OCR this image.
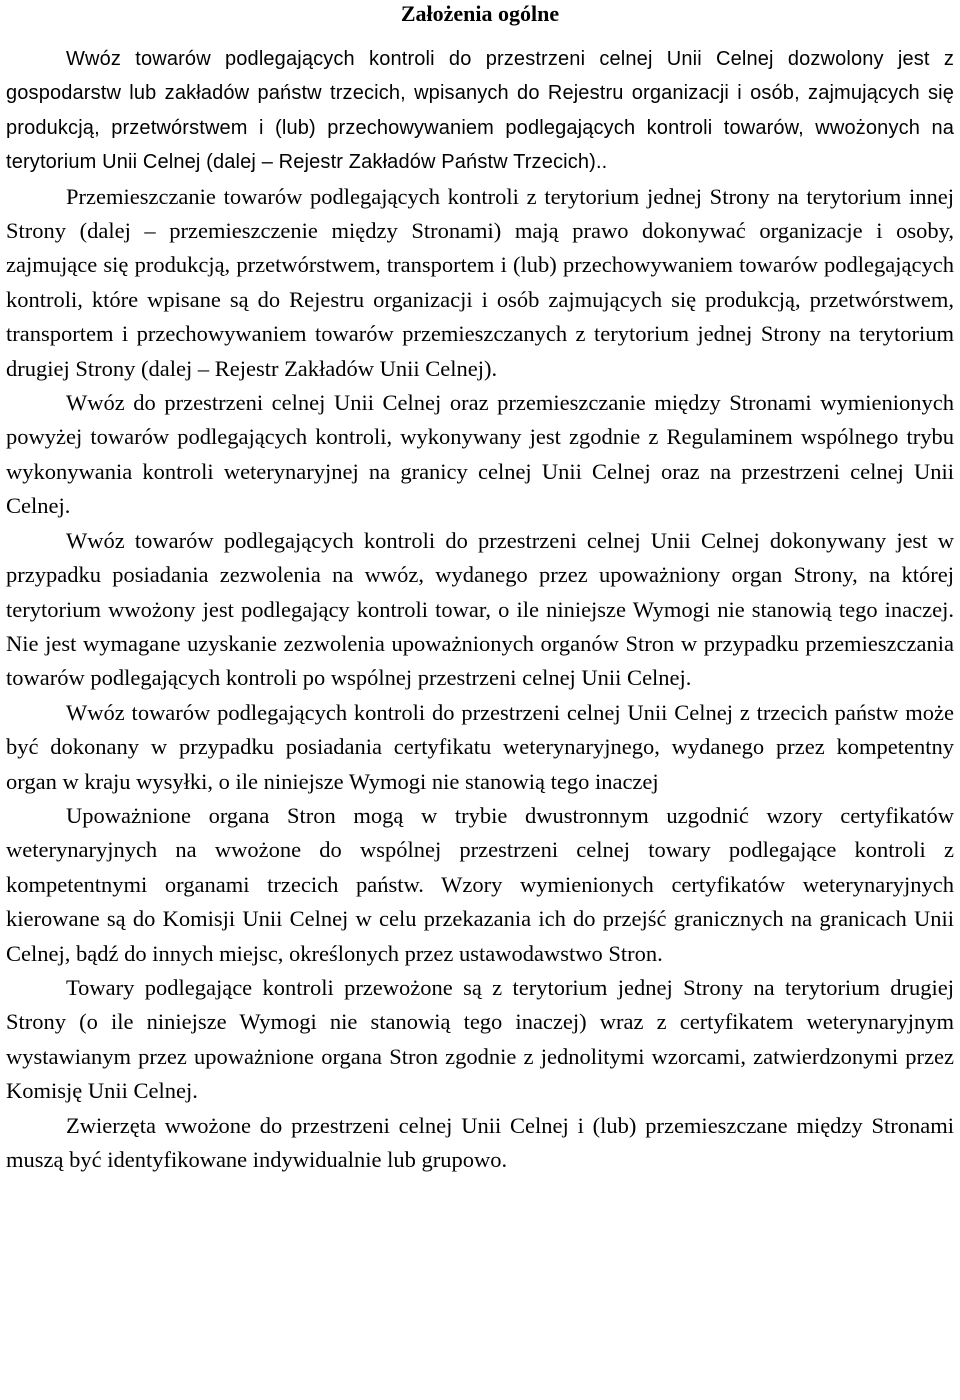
Założenia ogólne

Wwóz towarów podlegających kontroli do przestrzeni celnej Unii Celnej dozwolony jest z gospodarstw lub zakładów państw trzecich, wpisanych do Rejestru organizacji i osób, zajmujących się produkcją, przetwórstwem i (lub) przechowywaniem podlegających kontroli towarów, wwożonych na terytorium Unii Celnej (dalej – Rejestr Zakładów Państw Trzecich)..

Przemieszczanie towarów podlegających kontroli z terytorium jednej Strony na terytorium innej Strony (dalej – przemieszczenie między Stronami) mają prawo dokonywać organizacje i osoby, zajmujące się produkcją, przetwórstwem, transportem i (lub) przechowywaniem towarów podlegających kontroli, które wpisane są do Rejestru organizacji i osób zajmujących się produkcją, przetwórstwem, transportem i przechowywaniem towarów przemieszczanych z terytorium jednej Strony na terytorium drugiej Strony (dalej – Rejestr Zakładów Unii Celnej).

Wwóz do przestrzeni celnej Unii Celnej oraz przemieszczanie między Stronami wymienionych powyżej towarów podlegających kontroli, wykonywany jest zgodnie z Regulaminem wspólnego trybu wykonywania kontroli weterynaryjnej na granicy celnej Unii Celnej oraz na przestrzeni celnej Unii Celnej.

Wwóz towarów podlegających kontroli do przestrzeni celnej Unii Celnej dokonywany jest w przypadku posiadania zezwolenia na wwóz, wydanego przez upoważniony organ Strony, na której terytorium wwożony jest podlegający kontroli towar, o ile niniejsze Wymogi nie stanowią tego inaczej. Nie jest wymagane uzyskanie zezwolenia upoważnionych organów Stron w przypadku przemieszczania towarów podlegających kontroli po wspólnej przestrzeni celnej Unii Celnej.

Wwóz towarów podlegających kontroli do przestrzeni celnej Unii Celnej z trzecich państw może być dokonany w przypadku posiadania certyfikatu weterynaryjnego, wydanego przez kompetentny organ w kraju wysyłki, o ile niniejsze Wymogi nie stanowią tego inaczej

Upoważnione organa Stron mogą w trybie dwustronnym uzgodnić wzory certyfikatów weterynaryjnych na wwożone do wspólnej przestrzeni celnej towary podlegające kontroli z kompetentnymi organami trzecich państw. Wzory wymienionych certyfikatów weterynaryjnych kierowane są do Komisji Unii Celnej w celu przekazania ich do przejść granicznych na granicach Unii Celnej, bądź do innych miejsc, określonych przez ustawodawstwo Stron.

Towary podlegające kontroli przewożone są z terytorium jednej Strony na terytorium drugiej Strony (o ile niniejsze Wymogi nie stanowią tego inaczej) wraz z certyfikatem weterynaryjnym wystawianym przez upoważnione organa Stron zgodnie z jednolitymi wzorcami, zatwierdzonymi przez Komisję Unii Celnej.

Zwierzęta wwożone do przestrzeni celnej Unii Celnej i (lub) przemieszczane między Stronami muszą być identyfikowane indywidualnie lub grupowo.
